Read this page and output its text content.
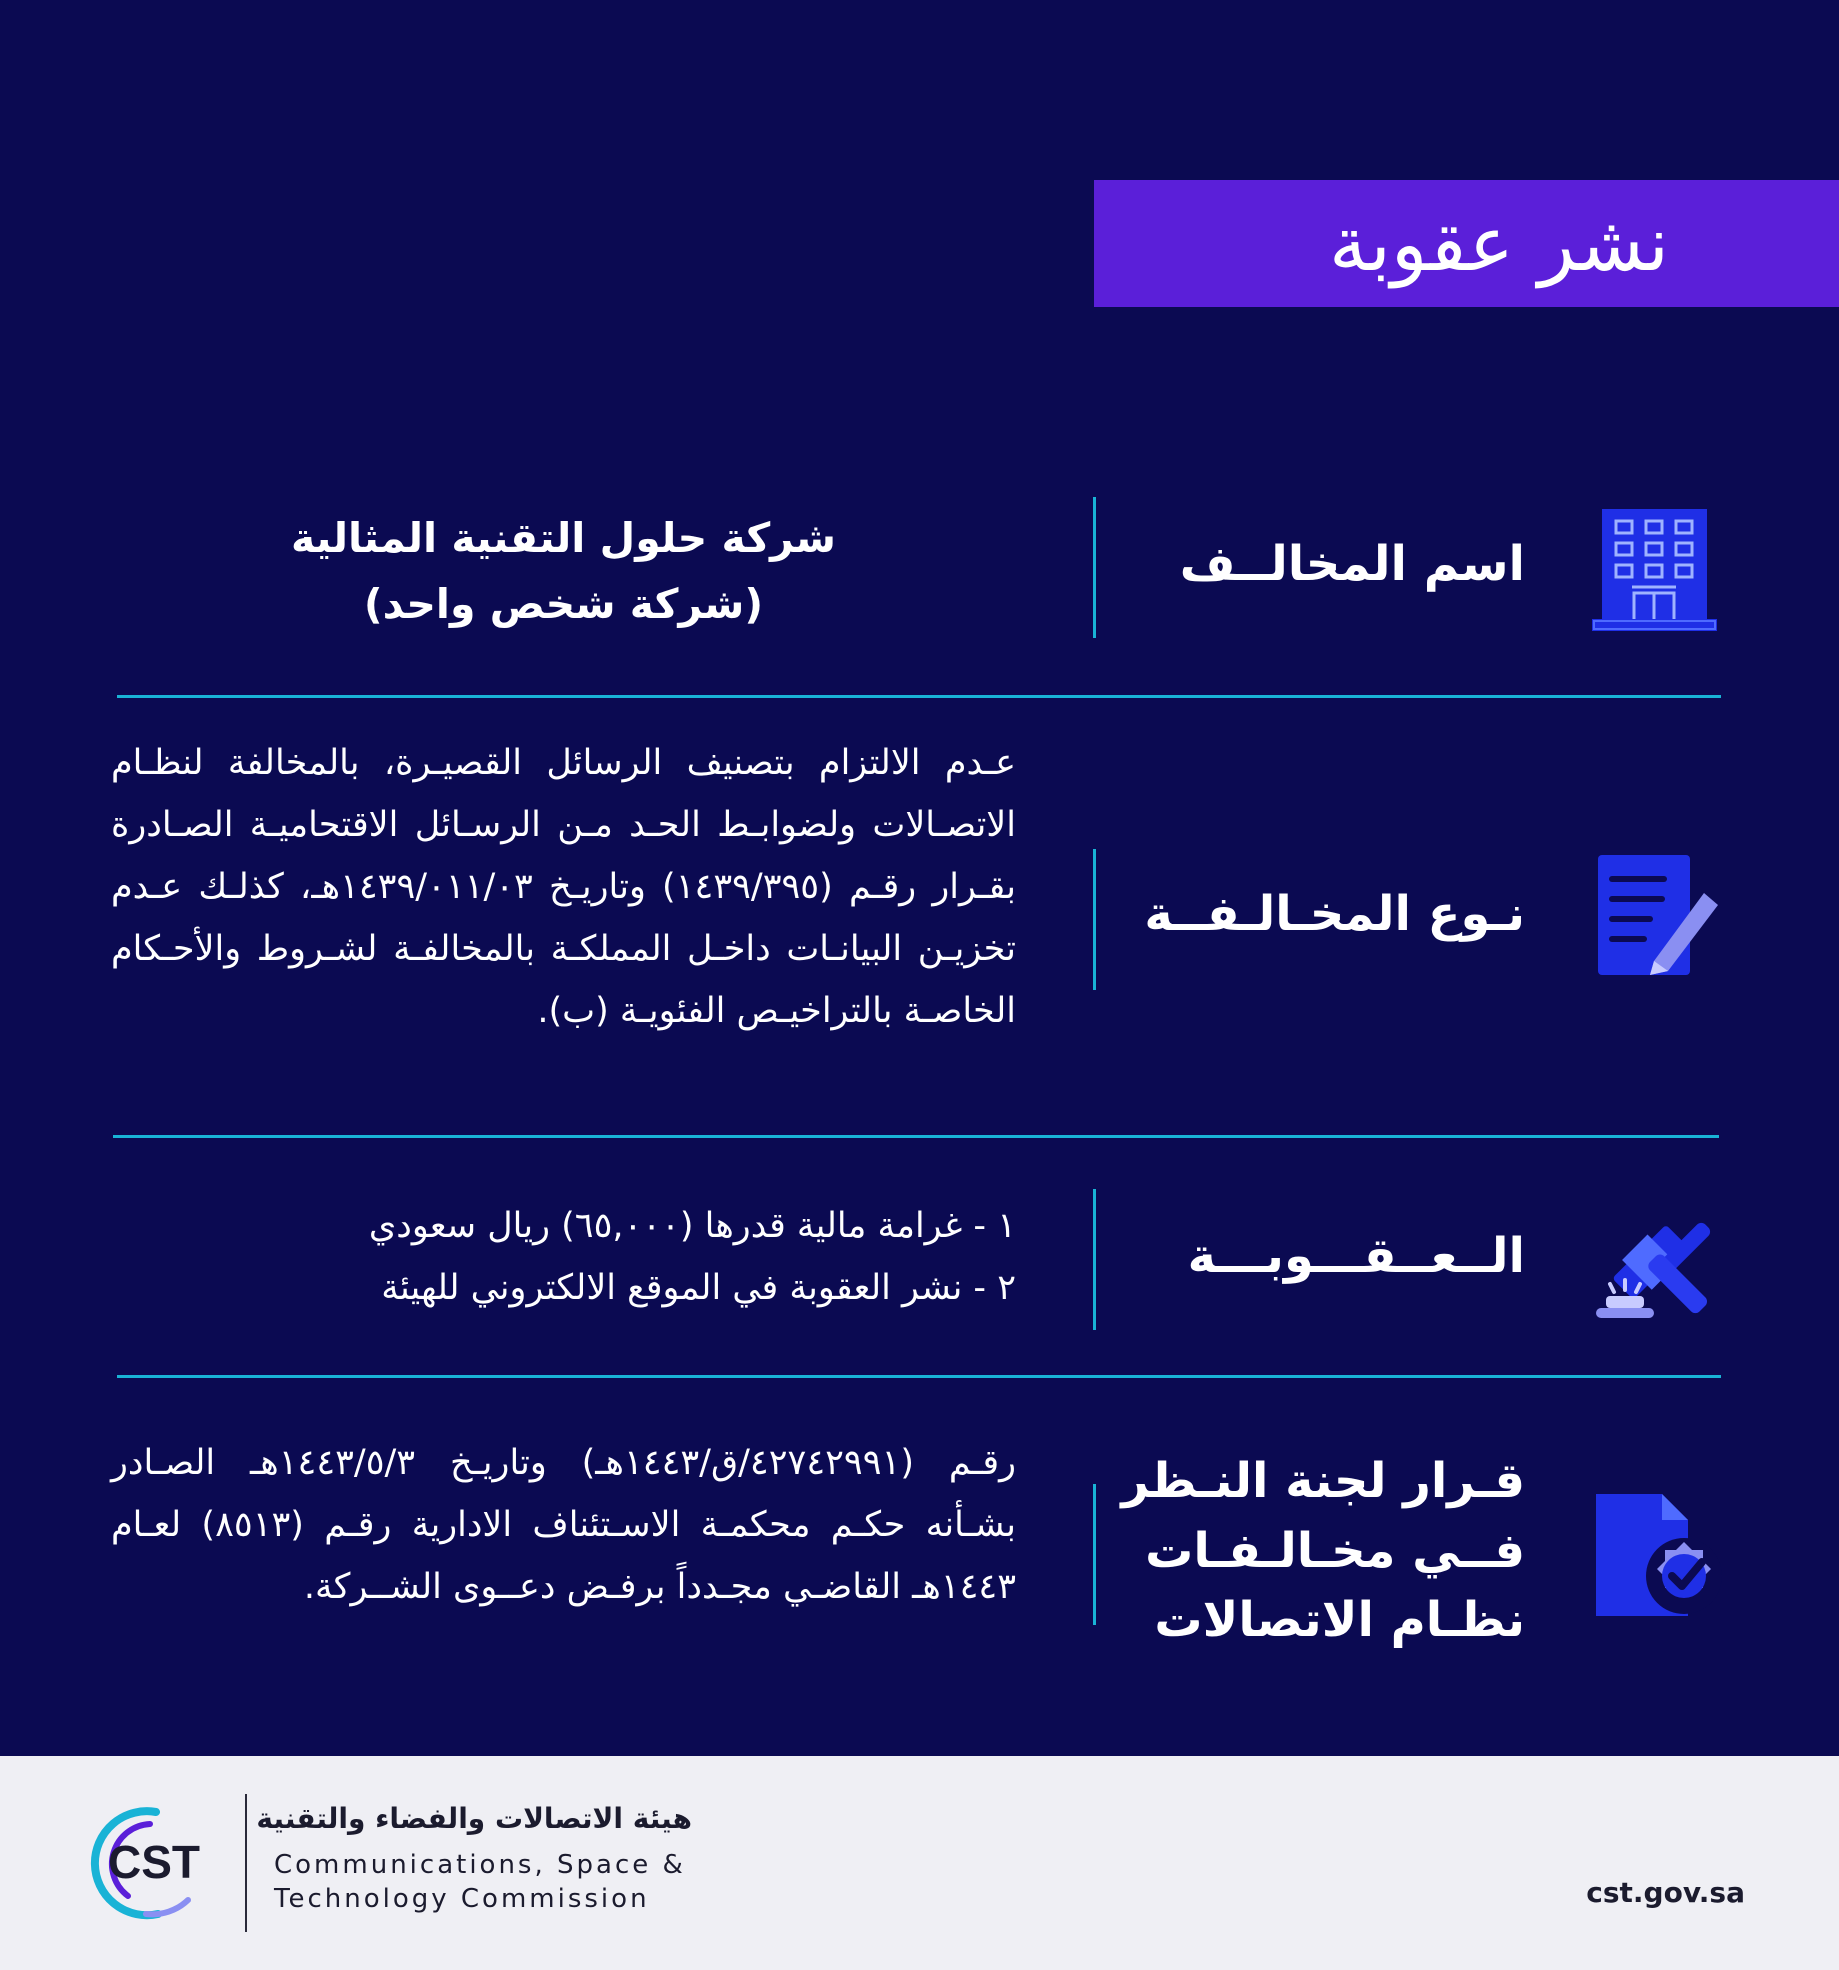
نشر عقوبة
اسم المخالــف
شركة حلول التقنية المثالية
(شركة شخص واحد)
نـوع المخـالـفــة
عـدم الالتزام بتصنيف الرسائل القصيـرة، بالمخالفة لنظـام الاتصـالات ولضوابـط الحـد مـن الرسـائل الاقتحاميـة الصـادرة بقـرار رقـم (١٤٣٩/٣٩٥) وتاريـخ ١٤٣٩/٠١١/٠٣هـ، كذلـك عـدم تخزيـن البيانـات داخـل المملكـة بالمخالفـة لشـروط والأحـكام الخاصـة بالتراخيـص الفئويـة (ب).
الــعــقـــوبـــة
١ - غرامة مالية قدرها (٦٥,٠٠٠) ريال سعودي
٢ - نشر العقوبة في الموقع الالكتروني للهيئة
قـرار لجنة النـظر
فــي مخـالـفـات
نظـام الاتصالات
رقـم (٤٢٧٤٢٩٩١/ق/١٤٤٣هـ) وتاريـخ ١٤٤٣/٥/٣هـ الصـادر بشـأنه حكـم محكمـة الاسـتئناف الادارية رقـم (٨٥١٣) لعـام ١٤٤٣هـ القاضـي مجـدداً برفـض دعــوى الشــركة.
CST
هيئة الاتصالات والفضاء والتقنية
Communications, Space &
Technology Commission	cst.gov.sa
